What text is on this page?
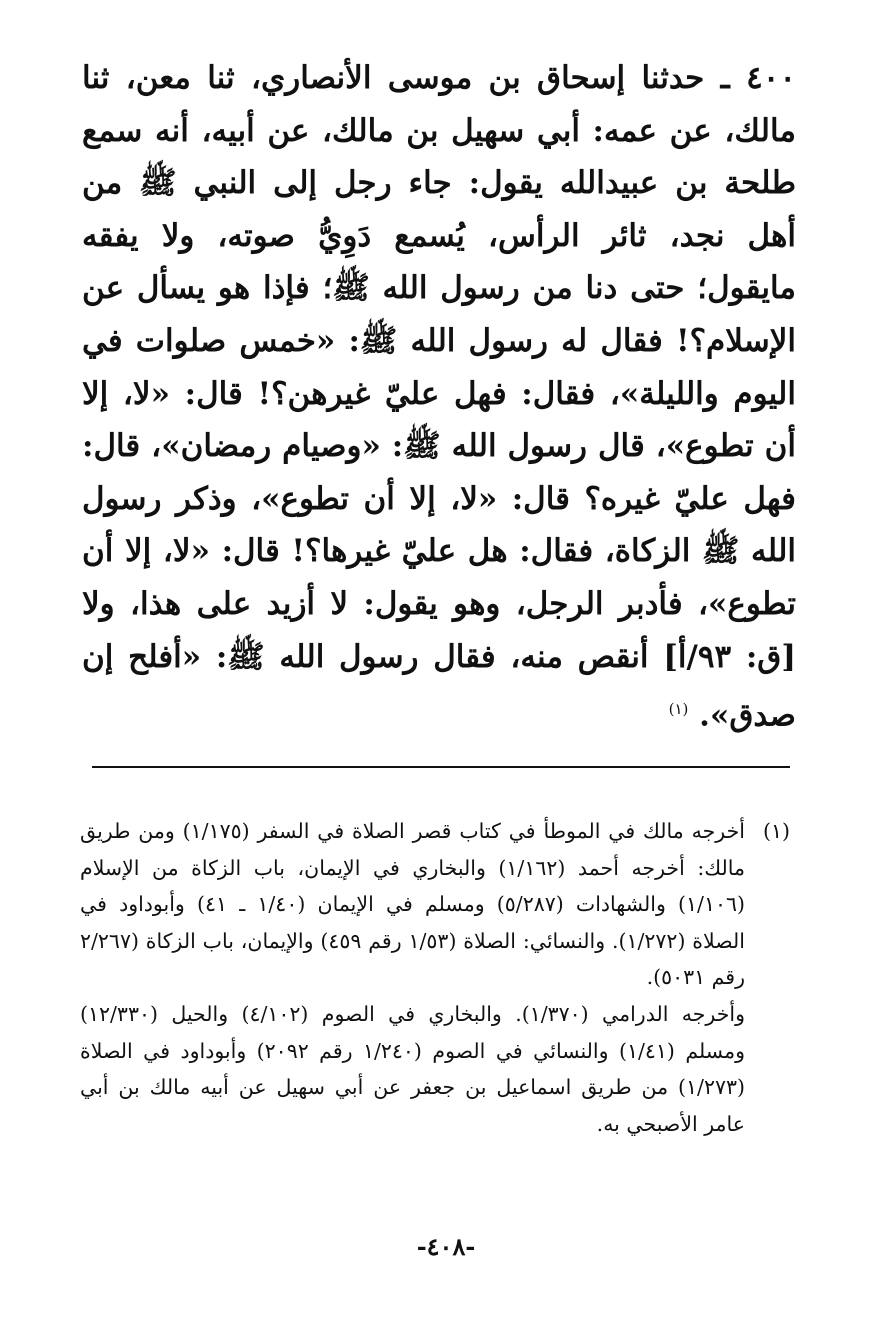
٤٠٠ ـ حدثنا إسحاق بن موسى الأنصاري، ثنا معن، ثنا مالك، عن عمه: أبي سهيل بن مالك، عن أبيه، أنه سمع طلحة بن عبيدالله يقول: جاء رجل إلى النبي ﷺ من أهل نجد، ثائر الرأس، يُسمع دَوِيُّ صوته، ولا يفقه مايقول؛ حتى دنا من رسول الله ﷺ؛ فإذا هو يسأل عن الإسلام؟! فقال له رسول الله ﷺ: «خمس صلوات في اليوم والليلة»، فقال: فهل عليّ غيرهن؟! قال: «لا، إلا أن تطوع»، قال رسول الله ﷺ: «وصيام رمضان»، قال: فهل عليّ غيره؟ قال: «لا، إلا أن تطوع»، وذكر رسول الله ﷺ الزكاة، فقال: هل عليّ غيرها؟! قال: «لا، إلا أن تطوع»، فأدبر الرجل، وهو يقول: لا أزيد على هذا، ولا [ق: ٩٣/أ] أنقص منه، فقال رسول الله ﷺ: «أفلح إن صدق». $^{(١)}$

(١)

أخرجه مالك في الموطأ في كتاب قصر الصلاة في السفر (١/١٧٥) ومن طريق مالك: أخرجه أحمد (١/١٦٢) والبخاري في الإيمان، باب الزكاة من الإسلام (١/١٠٦) والشهادات (٥/٢٨٧) ومسلم في الإيمان (١/٤٠ ـ ٤١) وأبوداود في الصلاة (١/٢٧٢). والنسائي: الصلاة (١/٥٣ رقم ٤٥٩) والإيمان، باب الزكاة (٢/٢٦٧ رقم ٥٠٣١).

وأخرجه الدرامي (١/٣٧٠). والبخاري في الصوم (٤/١٠٢) والحيل (١٢/٣٣٠) ومسلم (١/٤١) والنسائي في الصوم (١/٢٤٠ رقم ٢٠٩٢) وأبوداود في الصلاة (١/٢٧٣) من طريق اسماعيل بن جعفر عن أبي سهيل عن أبيه مالك بن أبي عامر الأصبحي به.

-٤٠٨-
